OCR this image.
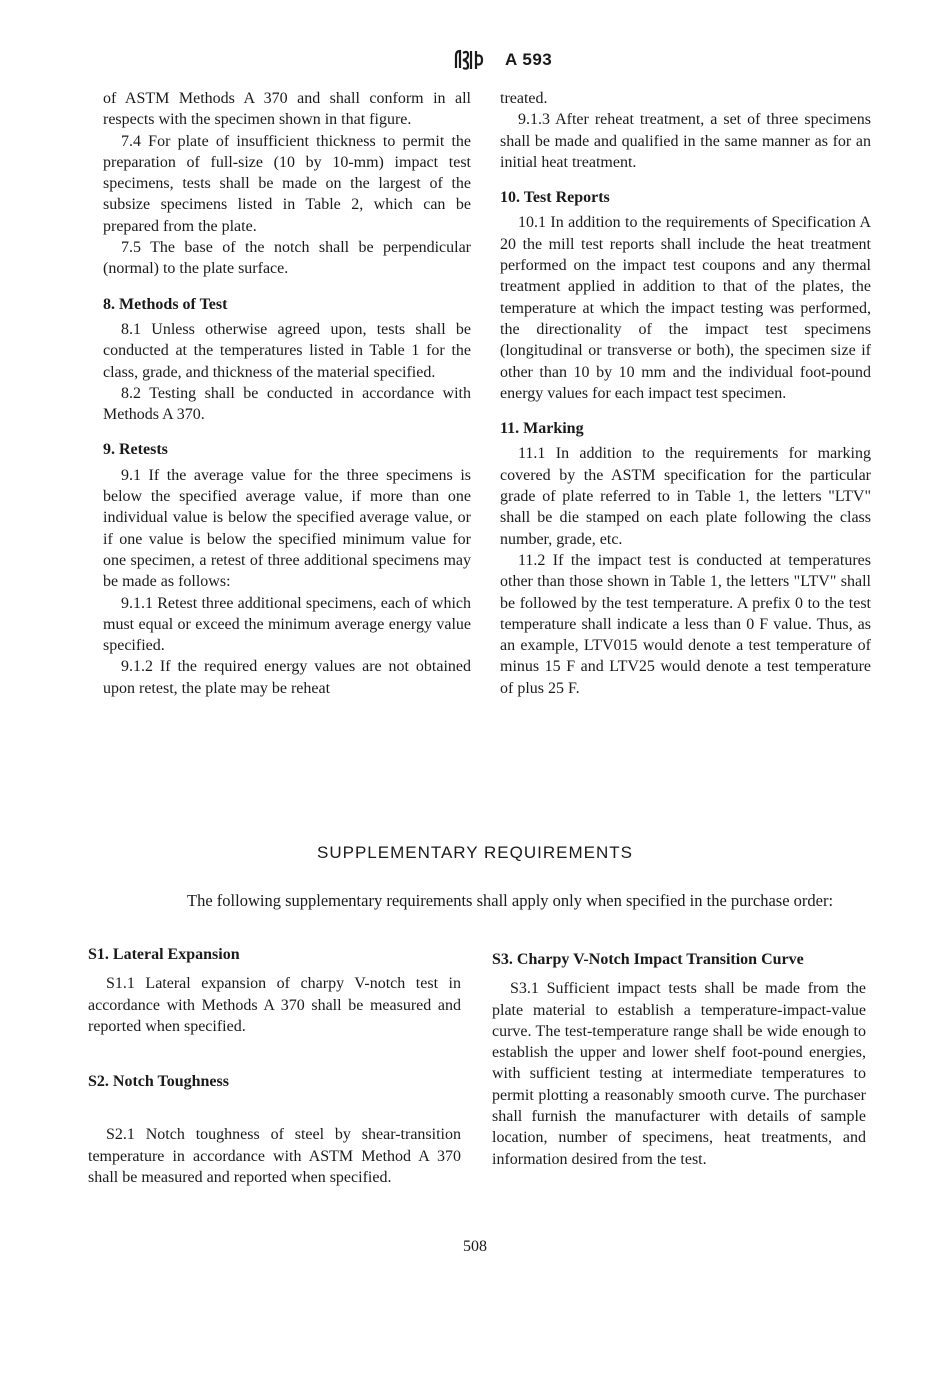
A 593

of ASTM Methods A 370 and shall conform in all respects with the specimen shown in that figure.

7.4 For plate of insufficient thickness to permit the preparation of full-size (10 by 10-mm) impact test specimens, tests shall be made on the largest of the subsize specimens listed in Table 2, which can be prepared from the plate.

7.5 The base of the notch shall be perpendicular (normal) to the plate surface.

8. Methods of Test

8.1 Unless otherwise agreed upon, tests shall be conducted at the temperatures listed in Table 1 for the class, grade, and thickness of the material specified.

8.2 Testing shall be conducted in accordance with Methods A 370.

9. Retests

9.1 If the average value for the three specimens is below the specified average value, if more than one individual value is below the specified average value, or if one value is below the specified minimum value for one specimen, a retest of three additional specimens may be made as follows:

9.1.1 Retest three additional specimens, each of which must equal or exceed the minimum average energy value specified.

9.1.2 If the required energy values are not obtained upon retest, the plate may be reheat

treated.

9.1.3 After reheat treatment, a set of three specimens shall be made and qualified in the same manner as for an initial heat treatment.

10. Test Reports

10.1 In addition to the requirements of Specification A 20 the mill test reports shall include the heat treatment performed on the impact test coupons and any thermal treatment applied in addition to that of the plates, the temperature at which the impact testing was performed, the directionality of the impact test specimens (longitudinal or transverse or both), the specimen size if other than 10 by 10 mm and the individual foot-pound energy values for each impact test specimen.

11. Marking

11.1 In addition to the requirements for marking covered by the ASTM specification for the particular grade of plate referred to in Table 1, the letters "LTV" shall be die stamped on each plate following the class number, grade, etc.

11.2 If the impact test is conducted at temperatures other than those shown in Table 1, the letters "LTV" shall be followed by the test temperature. A prefix 0 to the test temperature shall indicate a less than 0 F value. Thus, as an example, LTV015 would denote a test temperature of minus 15 F and LTV25 would denote a test temperature of plus 25 F.

SUPPLEMENTARY REQUIREMENTS
The following supplementary requirements shall apply only when specified in the purchase order:

S1. Lateral Expansion

S1.1 Lateral expansion of charpy V-notch test in accordance with Methods A 370 shall be measured and reported when specified.

S2. Notch Toughness

S2.1 Notch toughness of steel by shear-transition temperature in accordance with ASTM Method A 370 shall be measured and reported when specified.

S3. Charpy V-Notch Impact Transition Curve

S3.1 Sufficient impact tests shall be made from the plate material to establish a temperature-impact-value curve. The test-temperature range shall be wide enough to establish the upper and lower shelf foot-pound energies, with sufficient testing at intermediate temperatures to permit plotting a reasonably smooth curve. The purchaser shall furnish the manufacturer with details of sample location, number of specimens, heat treatments, and information desired from the test.

508
